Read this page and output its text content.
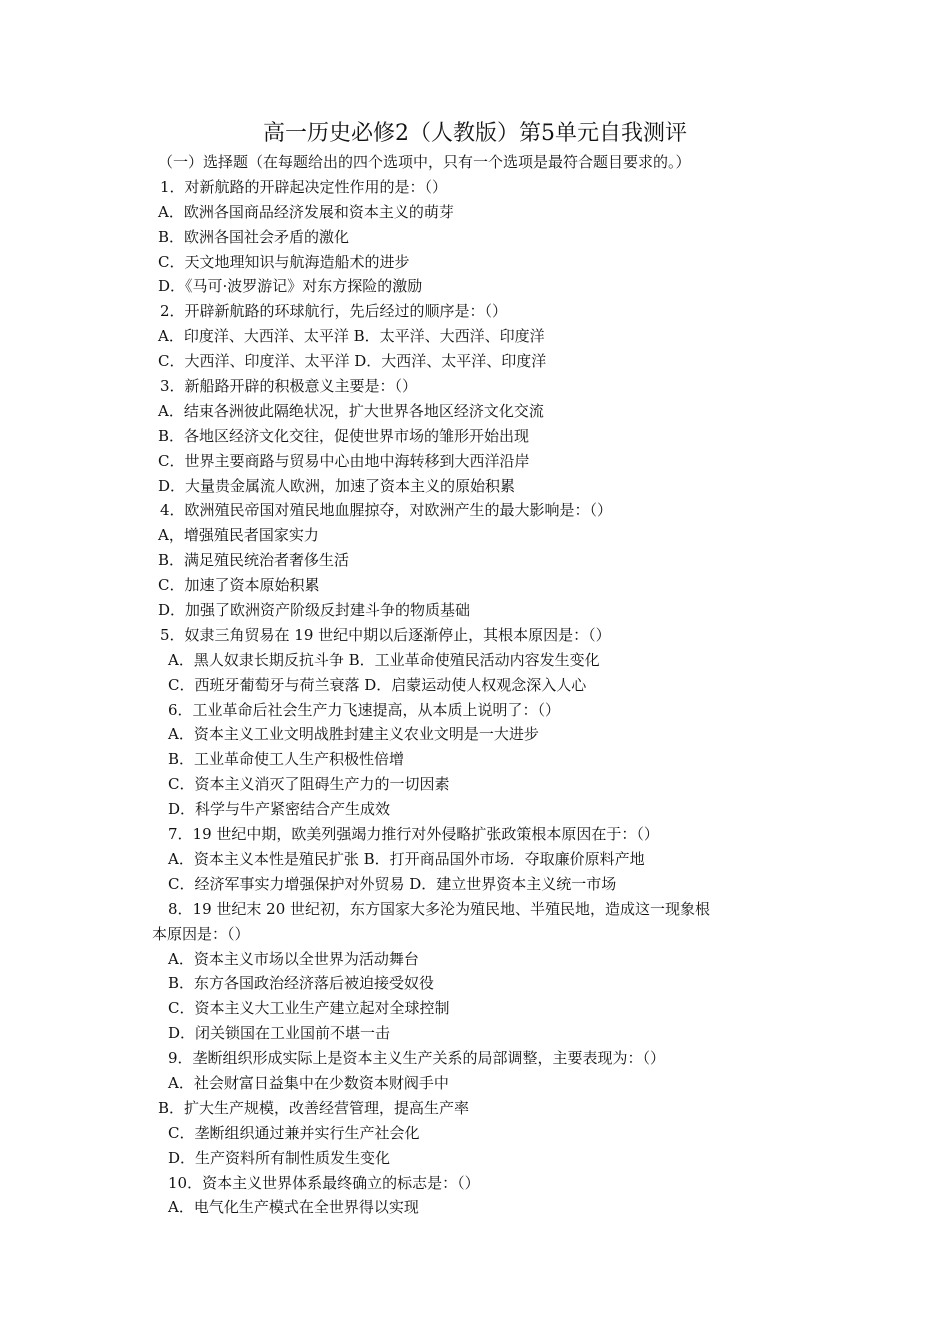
高一历史必修2（人教版）第5单元自我测评
（一）选择题（在每题给出的四个选项中，只有一个选项是最符合题目要求的。）
1．对新航路的开辟起决定性作用的是：（）
A．欧洲各国商品经济发展和资本主义的萌芽
B．欧洲各国社会矛盾的激化
C．天文地理知识与航海造船术的进步
D．《马可·波罗游记》对东方探险的激励
2．开辟新航路的环球航行，先后经过的顺序是：（）
A．印度洋、大西洋、太平洋 B．太平洋、大西洋、印度洋
C．大西洋、印度洋、太平洋 D．大西洋、太平洋、印度洋
3．新船路开辟的积极意义主要是：（）
A．结束各洲彼此隔绝状况，扩大世界各地区经济文化交流
B．各地区经济文化交往，促使世界市场的雏形开始出现
C．世界主要商路与贸易中心由地中海转移到大西洋沿岸
D．大量贵金属流人欧洲，加速了资本主义的原始积累
4．欧洲殖民帝国对殖民地血腥掠夺，对欧洲产生的最大影响是：（）
A，增强殖民者国家实力
B．满足殖民统治者奢侈生活
C．加速了资本原始积累
D．加强了欧洲资产阶级反封建斗争的物质基础
5．奴隶三角贸易在 19 世纪中期以后逐渐停止，其根本原因是：（）
A．黑人奴隶长期反抗斗争 B．工业革命使殖民活动内容发生变化
C．西班牙葡萄牙与荷兰衰落 D．启蒙运动使人权观念深入人心
6．工业革命后社会生产力飞速提高，从本质上说明了：（）
A．资本主义工业文明战胜封建主义农业文明是一大进步
B．工业革命使工人生产积极性倍增
C．资本主义消灭了阻碍生产力的一切因素
D．科学与牛产紧密结合产生成效
7．19 世纪中期，欧美列强竭力推行对外侵略扩张政策根本原因在于：（）
A．资本主义本性是殖民扩张 B．打开商品国外市场．夺取廉价原料产地
C．经济军事实力增强保护对外贸易 D．建立世界资本主义统一市场
8．19 世纪末 20 世纪初，东方国家大多沦为殖民地、半殖民地，造成这一现象根
本原因是：（）
A．资本主义市场以全世界为活动舞台
B．东方各国政治经济落后被迫接受奴役
C．资本主义大工业生产建立起对全球控制
D．闭关锁国在工业国前不堪一击
9．垄断组织形成实际上是资本主义生产关系的局部调整，主要表现为：（）
A．社会财富日益集中在少数资本财阀手中
B．扩大生产规模，改善经营管理，提高生产率
C．垄断组织通过兼并实行生产社会化
D．生产资料所有制性质发生变化
10．资本主义世界体系最终确立的标志是：（）
A．电气化生产模式在全世界得以实现
